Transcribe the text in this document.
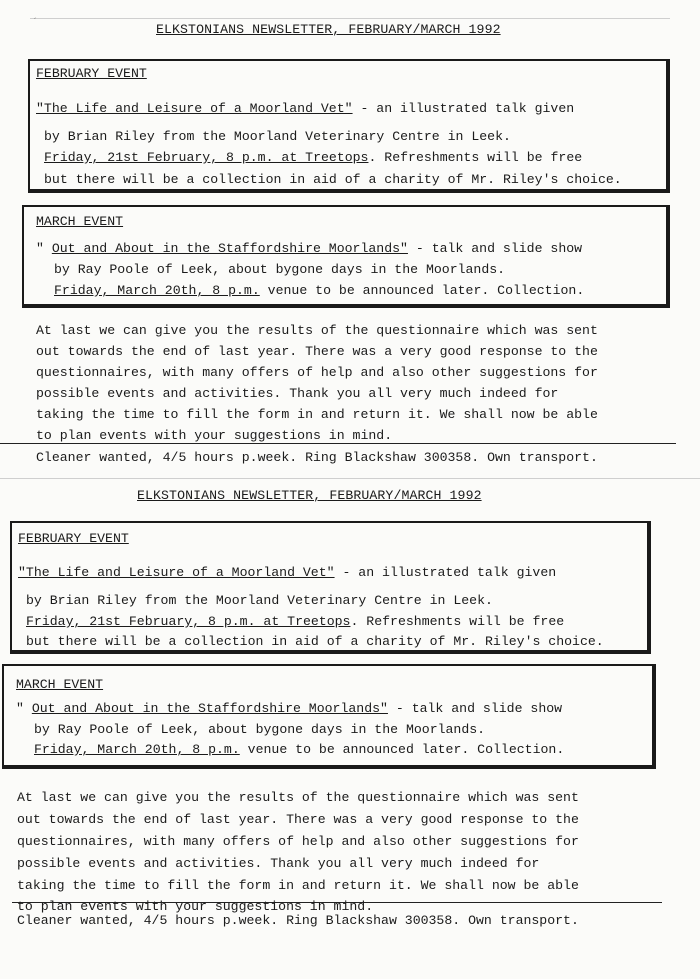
´	ELKSTONIANS NEWSLETTER, FEBRUARY/MARCH 1992
FEBRUARY EVENT
"The Life and Leisure of a Moorland Vet" - an illustrated talk given
by Brian Riley from the Moorland Veterinary Centre in Leek.
Friday, 21st February, 8 p.m. at Treetops. Refreshments will be free
but there will be a collection in aid of a charity of Mr. Riley's choice.
MARCH EVENT
" Out and About in the Staffordshire Moorlands" - talk and slide show
by Ray Poole of Leek, about bygone days in the Moorlands.
Friday, March 20th, 8 p.m. venue to be announced later. Collection.
At last we can give you the results of the questionnaire which was sent
out towards the end of last year. There was a very good response to the
questionnaires, with many offers of help and also other suggestions for
possible events and activities. Thank you all very much indeed for
taking the time to fill the form in and return it. We shall now be able
to plan events with your suggestions in mind.
Cleaner wanted, 4/5 hours p.week. Ring Blackshaw 300358. Own transport.
ELKSTONIANS NEWSLETTER, FEBRUARY/MARCH 1992
FEBRUARY EVENT
"The Life and Leisure of a Moorland Vet" - an illustrated talk given
by Brian Riley from the Moorland Veterinary Centre in Leek.
Friday, 21st February, 8 p.m. at Treetops. Refreshments will be free
but there will be a collection in aid of a charity of Mr. Riley's choice.
MARCH EVENT
" Out and About in the Staffordshire Moorlands" - talk and slide show
by Ray Poole of Leek, about bygone days in the Moorlands.
Friday, March 20th, 8 p.m. venue to be announced later. Collection.
At last we can give you the results of the questionnaire which was sent
out towards the end of last year. There was a very good response to the
questionnaires, with many offers of help and also other suggestions for
possible events and activities. Thank you all very much indeed for
taking the time to fill the form in and return it. We shall now be able
to plan events with your suggestions in mind.
Cleaner wanted, 4/5 hours p.week. Ring Blackshaw 300358. Own transport.
